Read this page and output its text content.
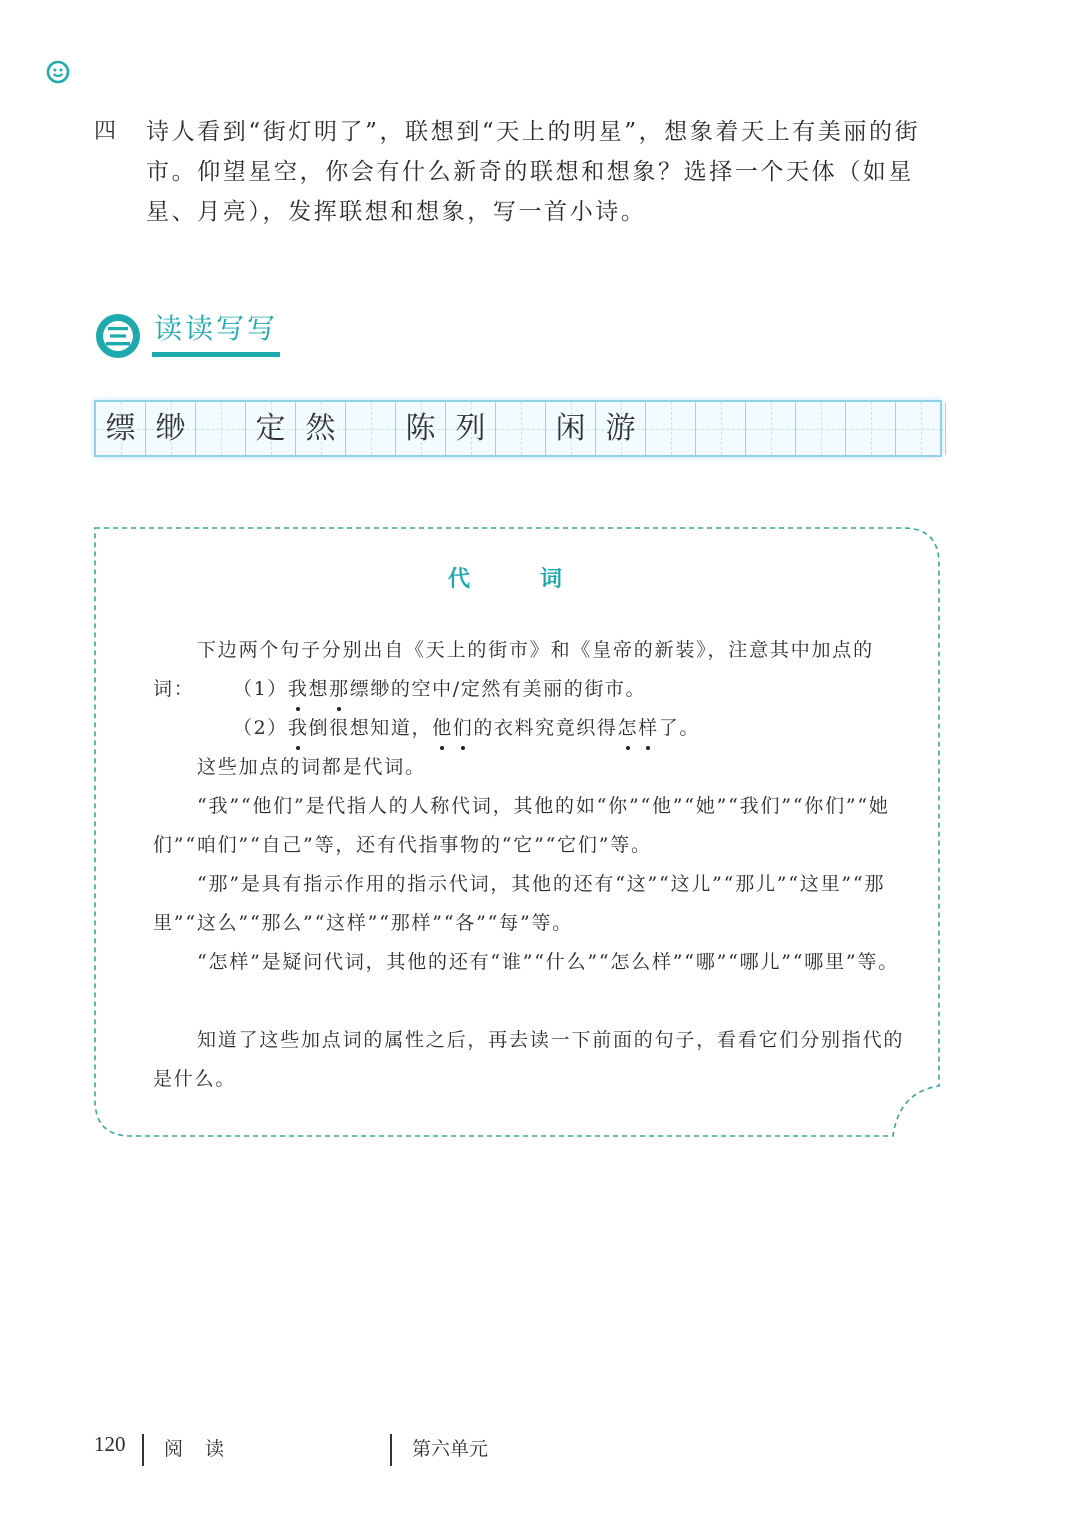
四 诗人看到“街灯明了”，联想到“天上的明星”，想象着天上有美丽的街市。仰望星空，你会有什么新奇的联想和想象？选择一个天体（如星星、月亮），发挥联想和想象，写一首小诗。
读读写写
缥 缈	定 然	陈 列	闲 游
代　词
下边两个句子分别出自《天上的街市》和《皇帝的新装》，注意其中加点的词：	（1）我想那缥缈的空中/定然有美丽的街市。
（2）我倒很想知道，他们的衣料究竟织得怎样了。
这些加点的词都是代词。
“我”“他们”是代指人的人称代词，其他的如“你”“他”“她”“我们”“你们”“她们”“咱们”“自己”等，还有代指事物的“它”“它们”等。
“那”是具有指示作用的指示代词，其他的还有“这”“这儿”“那儿”“这里”“那里”“这么”“那么”“这样”“那样”“各”“每”等。
“怎样”是疑问代词，其他的还有“谁”“什么”“怎么样”“哪”“哪儿”“哪里”等。
知道了这些加点词的属性之后，再去读一下前面的句子，看看它们分别指代的是什么。
120 阅 读	第六单元
